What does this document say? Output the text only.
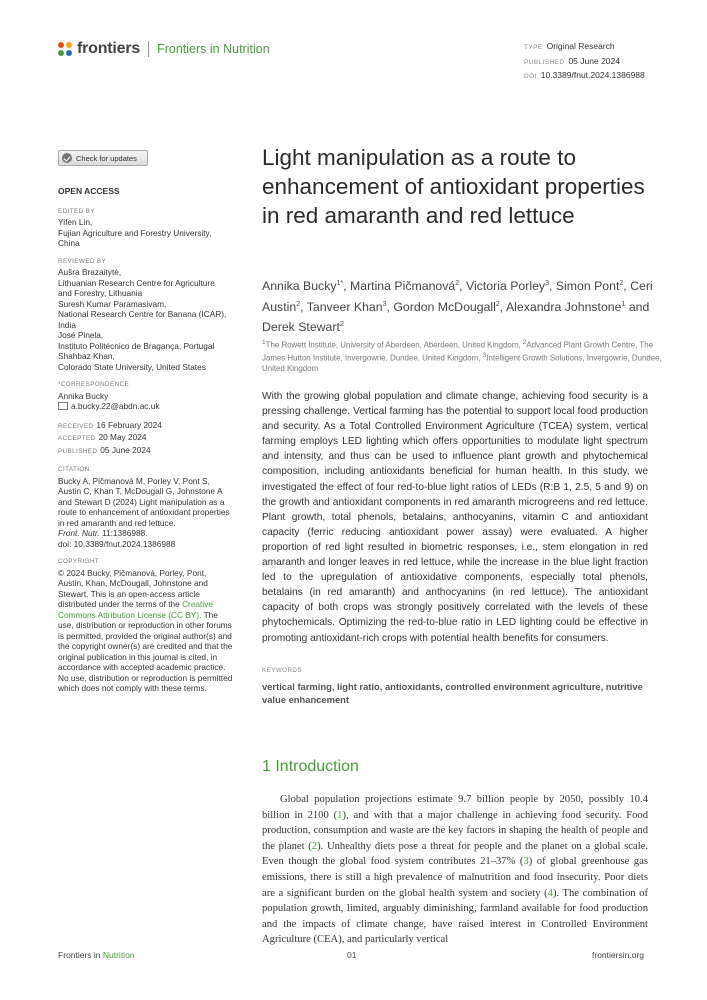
frontiers Frontiers in Nutrition	TYPE Original Research
PUBLISHED 05 June 2024
DOI 10.3389/fnut.2024.1386988
Check for updates
OPEN ACCESS
EDITED BY
Yifen Lin,
Fujian Agriculture and Forestry University,
China
REVIEWED BY
Aušra Brazaitytė,
Lithuanian Research Centre for Agriculture
and Forestry, Lithuania
Suresh Kumar Paramasivam,
National Research Centre for Banana (ICAR),
India
José Pinela,
Instituto Politécnico de Bragança, Portugal
Shahbaz Khan,
Colorado State University, United States
*CORRESPONDENCE
Annika Bucky
a.bucky.22@abdn.ac.uk

RECEIVED 16 February 2024

ACCEPTED 20 May 2024

PUBLISHED 05 June 2024

CITATION
Bucky A, Pičmanová M, Porley V, Pont S, Austin C, Khan T, McDougall G, Johnstone A and Stewart D (2024) Light manipulation as a route to enhancement of antioxidant properties in red amaranth and red lettuce.
Front. Nutr. 11:1386988.
doi: 10.3389/fnut.2024.1386988
COPYRIGHT
© 2024 Bucky, Pičmanová, Porley, Pont, Austin, Khan, McDougall, Johnstone and Stewart. This is an open-access article distributed under the terms of the Creative Commons Attribution License (CC BY). The use, distribution or reproduction in other forums is permitted, provided the original author(s) and the copyright owner(s) are credited and that the original publication in this journal is cited, in accordance with accepted academic practice. No use, distribution or reproduction is permitted which does not comply with these terms.
Light manipulation as a route to enhancement of antioxidant properties in red amaranth and red lettuce

Annika Bucky$^{1*}$, Martina Pičmanová$^2$, Victoria Porley$^3$, Simon Pont$^2$, Ceri Austin$^2$, Tanveer Khan$^3$, Gordon McDougall$^2$, Alexandra Johnstone$^1$ and Derek Stewart$^2$

$^1$The Rowett Institute, University of Aberdeen, Aberdeen, United Kingdom, $^2$Advanced Plant Growth Centre, The James Hutton Institute, Invergowrie, Dundee, United Kingdom, $^3$Intelligent Growth Solutions, Invergowrie, Dundee, United Kingdom

With the growing global population and climate change, achieving food security is a pressing challenge. Vertical farming has the potential to support local food production and security. As a Total Controlled Environment Agriculture (TCEA) system, vertical farming employs LED lighting which offers opportunities to modulate light spectrum and intensity, and thus can be used to influence plant growth and phytochemical composition, including antioxidants beneficial for human health. In this study, we investigated the effect of four red-to-blue light ratios of LEDs (R:B 1, 2.5, 5 and 9) on the growth and antioxidant components in red amaranth microgreens and red lettuce. Plant growth, total phenols, betalains, anthocyanins, vitamin C and antioxidant capacity (ferric reducing antioxidant power assay) were evaluated. A higher proportion of red light resulted in biometric responses, i.e., stem elongation in red amaranth and longer leaves in red lettuce, while the increase in the blue light fraction led to the upregulation of antioxidative components, especially total phenols, betalains (in red amaranth) and anthocyanins (in red lettuce). The antioxidant capacity of both crops was strongly positively correlated with the levels of these phytochemicals. Optimizing the red-to-blue ratio in LED lighting could be effective in promoting antioxidant-rich crops with potential health benefits for consumers.

KEYWORDS

vertical farming, light ratio, antioxidants, controlled environment agriculture, nutritive value enhancement

1 Introduction

Global population projections estimate 9.7 billion people by 2050, possibly 10.4 billion in 2100 (1), and with that a major challenge in achieving food security. Food production, consumption and waste are the key factors in shaping the health of people and the planet (2). Unhealthy diets pose a threat for people and the planet on a global scale. Even though the global food system contributes 21–37% (3) of global greenhouse gas emissions, there is still a high prevalence of malnutrition and food insecurity. Poor diets are a significant burden on the global health system and society (4). The combination of population growth, limited, arguably diminishing, farmland available for food production and the impacts of climate change, have raised interest in Controlled Environment Agriculture (CEA), and particularly vertical

Frontiers in Nutrition	01	frontiersin.org
